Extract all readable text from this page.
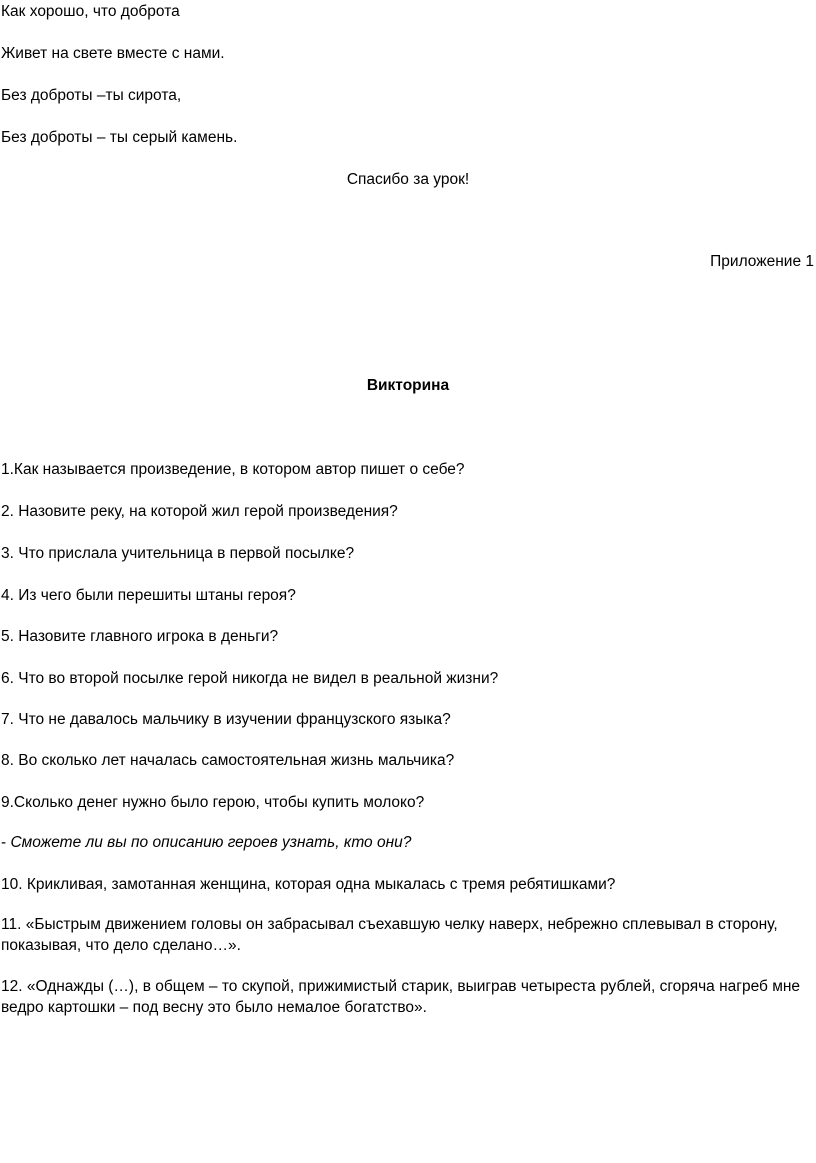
Как хорошо, что доброта

Живет на свете вместе с нами.

Без доброты –ты сирота,

Без доброты – ты серый камень.

Спасибо за урок!

Приложение 1

Викторина

1.Как называется произведение, в котором автор пишет о себе?

2. Назовите реку, на которой жил герой произведения?

3. Что прислала учительница в первой посылке?

4. Из чего были перешиты штаны героя?

5. Назовите главного игрока в деньги?

6. Что во второй посылке герой никогда не видел в реальной жизни?

7. Что не давалось мальчику в изучении французского языка?

8. Во сколько лет началась самостоятельная жизнь мальчика?

9.Сколько денег нужно было герою, чтобы купить молоко?

- Сможете ли вы по описанию героев узнать, кто они?

10. Крикливая, замотанная женщина, которая одна мыкалась с тремя ребятишками?

11. «Быстрым движением головы он забрасывал съехавшую челку наверх, небрежно сплевывал в сторону, показывая, что дело сделано…».

12. «Однажды (…), в общем – то скупой, прижимистый старик, выиграв четыреста рублей, сгоряча нагреб мне ведро картошки – под весну это было немалое богатство».
